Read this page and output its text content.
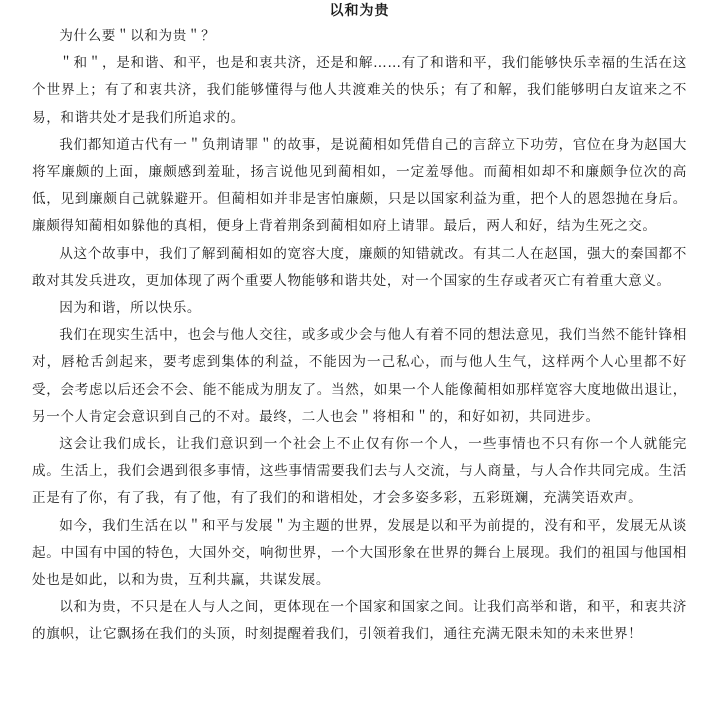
以和为贵

为什么要＂以和为贵＂？

＂和＂，是和谐、和平，也是和衷共济，还是和解……有了和谐和平，我们能够快乐幸福的生活在这个世界上；有了和衷共济，我们能够懂得与他人共渡难关的快乐；有了和解，我们能够明白友谊来之不易，和谐共处才是我们所追求的。

我们都知道古代有一＂负荆请罪＂的故事，是说蔺相如凭借自己的言辞立下功劳，官位在身为赵国大将军廉颇的上面，廉颇感到羞耻，扬言说他见到蔺相如，一定羞辱他。而蔺相如却不和廉颇争位次的高低，见到廉颇自己就躲避开。但蔺相如并非是害怕廉颇，只是以国家利益为重，把个人的恩怨抛在身后。廉颇得知蔺相如躲他的真相，便身上背着荆条到蔺相如府上请罪。最后，两人和好，结为生死之交。

从这个故事中，我们了解到蔺相如的宽容大度，廉颇的知错就改。有其二人在赵国，强大的秦国都不敢对其发兵进攻，更加体现了两个重要人物能够和谐共处，对一个国家的生存或者灭亡有着重大意义。

因为和谐，所以快乐。

我们在现实生活中，也会与他人交往，或多或少会与他人有着不同的想法意见，我们当然不能针锋相对，唇枪舌剑起来，要考虑到集体的利益，不能因为一己私心，而与他人生气，这样两个人心里都不好受，会考虑以后还会不会、能不能成为朋友了。当然，如果一个人能像蔺相如那样宽容大度地做出退让，另一个人肯定会意识到自己的不对。最终，二人也会＂将相和＂的，和好如初，共同进步。

这会让我们成长，让我们意识到一个社会上不止仅有你一个人，一些事情也不只有你一个人就能完成。生活上，我们会遇到很多事情，这些事情需要我们去与人交流，与人商量，与人合作共同完成。生活正是有了你，有了我，有了他，有了我们的和谐相处，才会多姿多彩，五彩斑斓，充满笑语欢声。

如今，我们生活在以＂和平与发展＂为主题的世界，发展是以和平为前提的，没有和平，发展无从谈起。中国有中国的特色，大国外交，响彻世界，一个大国形象在世界的舞台上展现。我们的祖国与他国相处也是如此，以和为贵，互利共赢，共谋发展。

以和为贵，不只是在人与人之间，更体现在一个国家和国家之间。让我们高举和谐，和平，和衷共济的旗帜，让它飘扬在我们的头顶，时刻提醒着我们，引领着我们，通往充满无限未知的未来世界！
